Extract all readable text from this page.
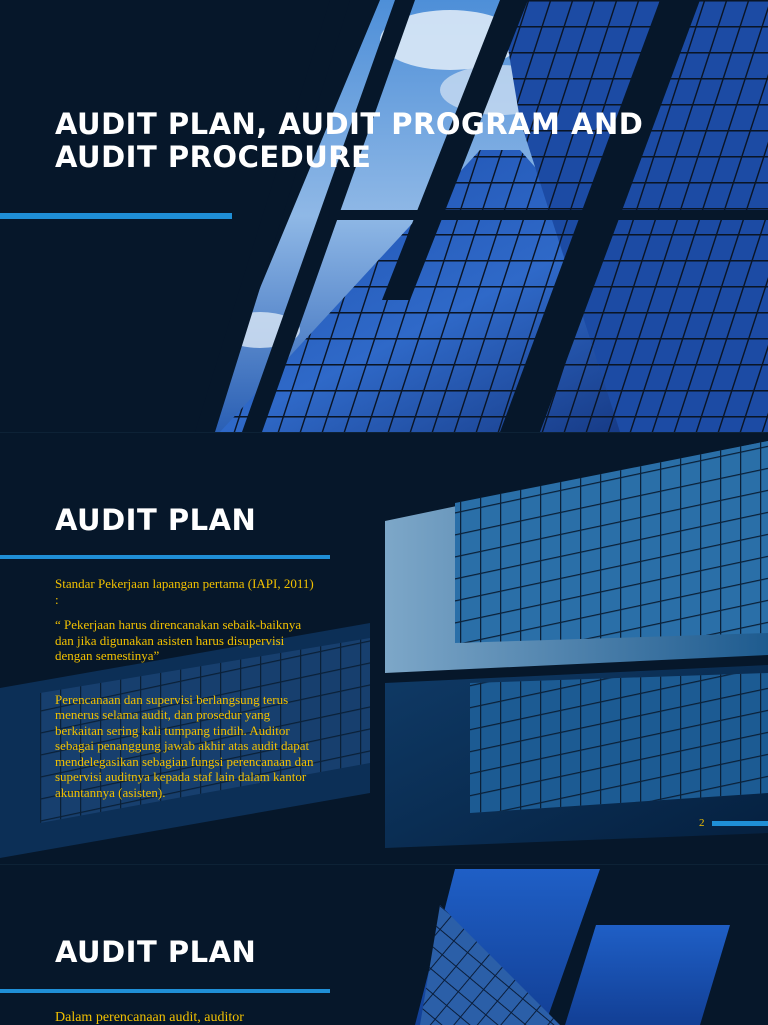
AUDIT PLAN, AUDIT PROGRAM AND
AUDIT PROCEDURE
AUDIT PLAN

Standar Pekerjaan lapangan pertama (IAPI, 2011) :

“ Pekerjaan harus direncanakan sebaik-baiknya dan jika digunakan asisten harus disupervisi dengan semestinya”

Perencanaan dan supervisi berlangsung terus menerus selama audit, dan prosedur yang berkaitan sering kali tumpang tindih. Auditor sebagai penanggung jawab akhir atas audit dapat mendelegasikan sebagian fungsi perencanaan dan supervisi auditnya kepada staf lain dalam kantor akuntannya (asisten).

2
AUDIT PLAN
Dalam perencanaan audit, auditor
